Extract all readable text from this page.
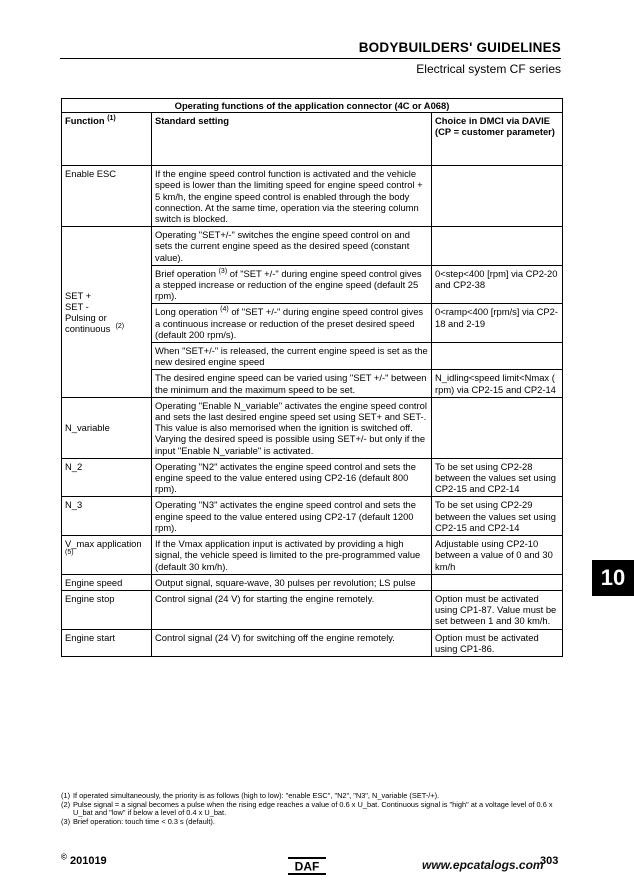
BODYBUILDERS' GUIDELINES
Electrical system CF series
Operating functions of the application connector (4C or A068)		
Function $^{(1)}$	Standard setting	Choice in DMCI via DAVIE (CP = customer parameter)
Enable ESC	If the engine speed control function is activated and the vehicle speed is lower than the limiting speed for engine speed control + 5 km/h, the engine speed control is enabled through the body connection. At the same time, operation via the steering column switch is blocked.	
SET +
SET -
Pulsing or
continuous $^{(2)}$	Operating "SET+/-" switches the engine speed control on and sets the current engine speed as the desired speed (constant value).	
	Brief operation $^{(3)}$ of "SET +/-" during engine speed control gives a stepped increase or reduction of the engine speed (default 25 rpm).	0<step<400 [rpm] via CP2-20 and CP2-38
	Long operation $^{(4)}$ of "SET +/-" during engine speed control gives a continuous increase or reduction of the preset desired speed (default 200 rpm/s).	0<ramp<400 [rpm/s] via CP2-18 and 2-19
	When "SET+/-" is released, the current engine speed is set as the new desired engine speed	
	The desired engine speed can be varied using "SET +/-" between the minimum and the maximum speed to be set.	N_idling<speed limit<Nmax ( rpm) via CP2-15 and CP2-14
N_variable	Operating "Enable N_variable" activates the engine speed control and sets the last desired engine speed set using SET+ and SET-. This value is also memorised when the ignition is switched off. Varying the desired speed is possible using SET+/- but only if the input "Enable N_variable" is activated.	
N_2	Operating "N2" activates the engine speed control and sets the engine speed to the value entered using CP2-16 (default 800 rpm).	To be set using CP2-28 between the values set using CP2-15 and CP2-14
N_3	Operating "N3" activates the engine speed control and sets the engine speed to the value entered using CP2-17 (default 1200 rpm).	To be set using CP2-29 between the values set using CP2-15 and CP2-14
V_max application $^{(5)}$	If the Vmax application input is activated by providing a high signal, the vehicle speed is limited to the pre-programmed value (default 30 km/h).	Adjustable using CP2-10 between a value of 0 and 30 km/h
Engine speed	Output signal, square-wave, 30 pulses per revolution; LS pulse	
Engine stop	Control signal (24 V) for starting the engine remotely.	Option must be activated using CP1-87. Value must be set between 1 and 30 km/h.
Engine start	Control signal (24 V) for switching off the engine remotely.	Option must be activated using CP1-86.
10
(1) If operated simultaneously, the priority is as follows (high to low): "enable ESC", "N2", "N3", N_variable (SET-/+).
(2) Pulse signal = a signal becomes a pulse when the rising edge reaches a value of 0.6 x U_bat. Continuous signal is "high" at a voltage level of 0.6 x U_bat and "low" if below a level of 0.4 x U_bat.
(3) Brief operation: touch time < 0.3 s (default).
© 201019	DAF	www.epcatalogs.com
303
